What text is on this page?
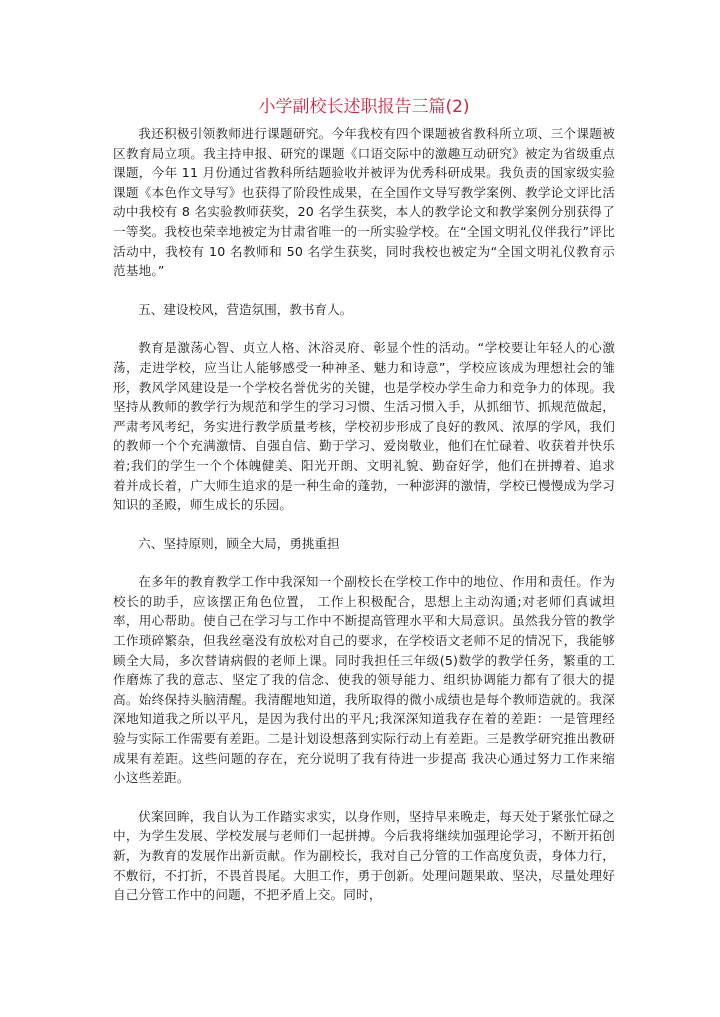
小学副校长述职报告三篇(2)

我还积极引领教师进行课题研究。今年我校有四个课题被省教科所立项、三个课题被区教育局立项。我主持申报、研究的课题《口语交际中的激趣互动研究》被定为省级重点课题，今年 11 月份通过省教科所结题验收并被评为优秀科研成果。我负责的国家级实验课题《本色作文导写》也获得了阶段性成果，在全国作文导写教学案例、教学论文评比活动中我校有 8 名实验教师获奖，20 名学生获奖，本人的教学论文和教学案例分别获得了一等奖。我校也荣幸地被定为甘肃省唯一的一所实验学校。在“全国文明礼仪伴我行”评比活动中，我校有 10 名教师和 50 名学生获奖，同时我校也被定为“全国文明礼仪教育示范基地。”

五、建设校风，营造氛围，教书育人。

教育是激荡心智、贞立人格、沐浴灵府、彰显个性的活动。“学校要让年轻人的心激荡，走进学校，应当让人能够感受一种神圣、魅力和诗意”，学校应该成为理想社会的雏形，教风学风建设是一个学校名誉优劣的关键，也是学校办学生命力和竞争力的体现。我坚持从教师的教学行为规范和学生的学习习惯、生活习惯入手，从抓细节、抓规范做起，严肃考风考纪，务实进行教学质量考核，学校初步形成了良好的教风、浓厚的学风，我们的教师一个个充满激情、自强自信、勤于学习、爱岗敬业，他们在忙碌着、收获着并快乐着;我们的学生一个个体魄健美、阳光开朗、文明礼貌、勤奋好学，他们在拼搏着、追求着并成长着，广大师生追求的是一种生命的蓬勃，一种澎湃的激情，学校已慢慢成为学习知识的圣殿，师生成长的乐园。

六、坚持原则，顾全大局，勇挑重担

在多年的教育教学工作中我深知一个副校长在学校工作中的地位、作用和责任。作为校长的助手，应该摆正角色位置， 工作上积极配合，思想上主动沟通;对老师们真诚坦率，用心帮助。使自己在学习与工作中不断提高管理水平和大局意识。虽然我分管的教学工作琐碎繁杂，但我丝毫没有放松对自己的要求，在学校语文老师不足的情况下，我能够顾全大局，多次替请病假的老师上课。同时我担任三年级(5)数学的教学任务，繁重的工作磨炼了我的意志、坚定了我的信念、使我的领导能力、组织协调能力都有了很大的提高。始终保持头脑清醒。我清醒地知道，我所取得的微小成绩也是每个教师造就的。我深深地知道我之所以平凡，是因为我付出的平凡;我深深知道我存在着的差距：一是管理经验与实际工作需要有差距。二是计划设想落到实际行动上有差距。三是教学研究推出教研成果有差距。这些问题的存在，充分说明了我有待进一步提高 我决心通过努力工作来缩小这些差距。

伏案回眸，我自认为工作踏实求实，以身作则，坚持早来晚走，每天处于紧张忙碌之中，为学生发展、学校发展与老师们一起拼搏。今后我将继续加强理论学习，不断开拓创新，为教育的发展作出新贡献。作为副校长，我对自己分管的工作高度负责，身体力行，不敷衍，不打折，不畏首畏尾。大胆工作，勇于创新。处理问题果敢、坚决，尽量处理好自己分管工作中的问题，不把矛盾上交。同时，
